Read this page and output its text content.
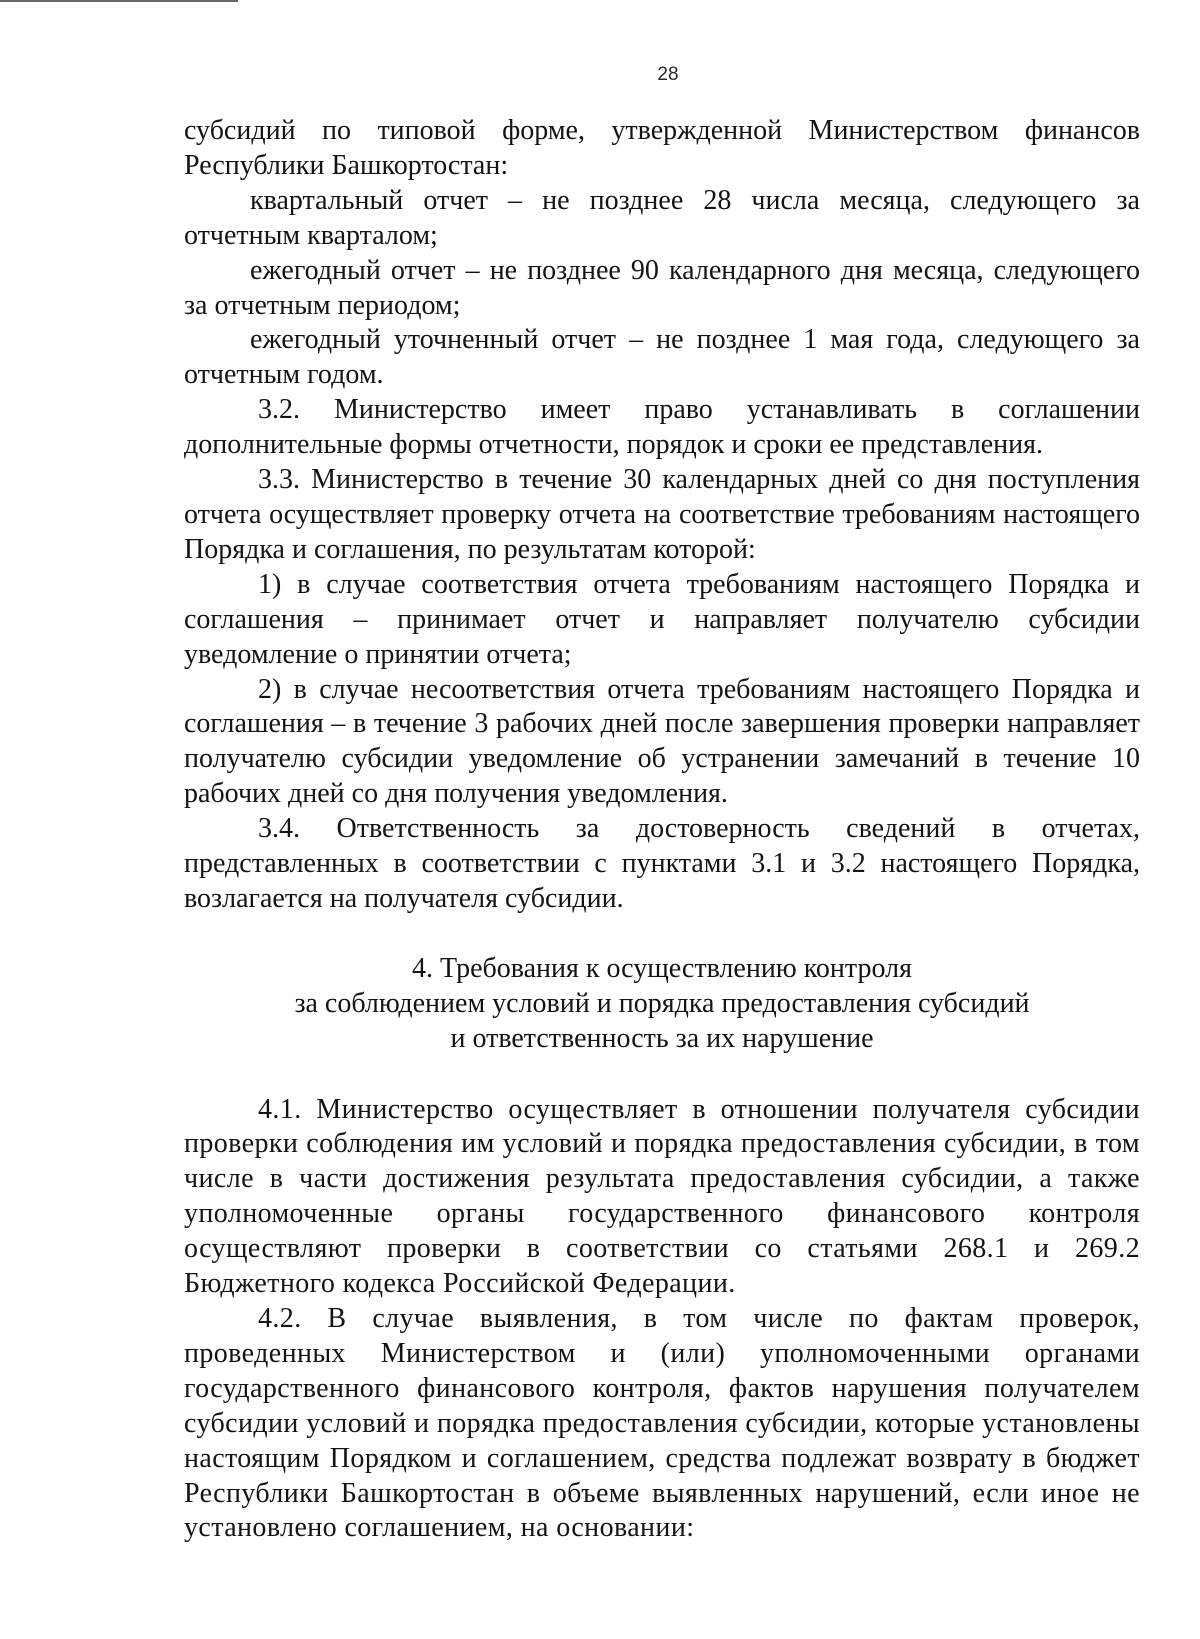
28

субсидий по типовой форме, утвержденной Министерством финансов Республики Башкортостан:

квартальный отчет – не позднее 28 числа месяца, следующего за отчетным кварталом;

ежегодный отчет – не позднее 90 календарного дня месяца, следующего за отчетным периодом;

ежегодный уточненный отчет – не позднее 1 мая года, следующего за отчетным годом.

3.2. Министерство имеет право устанавливать в соглашении дополнительные формы отчетности, порядок и сроки ее представления.

3.3. Министерство в течение 30 календарных дней со дня поступления отчета осуществляет проверку отчета на соответствие требованиям настоящего Порядка и соглашения, по результатам которой:

1) в случае соответствия отчета требованиям настоящего Порядка и соглашения – принимает отчет и направляет получателю субсидии уведомление о принятии отчета;

2) в случае несоответствия отчета требованиям настоящего Порядка и соглашения – в течение 3 рабочих дней после завершения проверки направляет получателю субсидии уведомление об устранении замечаний в течение 10 рабочих дней со дня получения уведомления.

3.4. Ответственность за достоверность сведений в отчетах, представленных в соответствии с пунктами 3.1 и 3.2 настоящего Порядка, возлагается на получателя субсидии.

4. Требования к осуществлению контроля
за соблюдением условий и порядка предоставления субсидий
и ответственность за их нарушение

4.1. Министерство осуществляет в отношении получателя субсидии проверки соблюдения им условий и порядка предоставления субсидии, в том числе в части достижения результата предоставления субсидии, а также уполномоченные органы государственного финансового контроля осуществляют проверки в соответствии со статьями 268.1 и 269.2 Бюджетного кодекса Российской Федерации.

4.2. В случае выявления, в том числе по фактам проверок, проведенных Министерством и (или) уполномоченными органами государственного финансового контроля, фактов нарушения получателем субсидии условий и порядка предоставления субсидии, которые установлены настоящим Порядком и соглашением, средства подлежат возврату в бюджет Республики Башкортостан в объеме выявленных нарушений, если иное не установлено соглашением, на основании:
